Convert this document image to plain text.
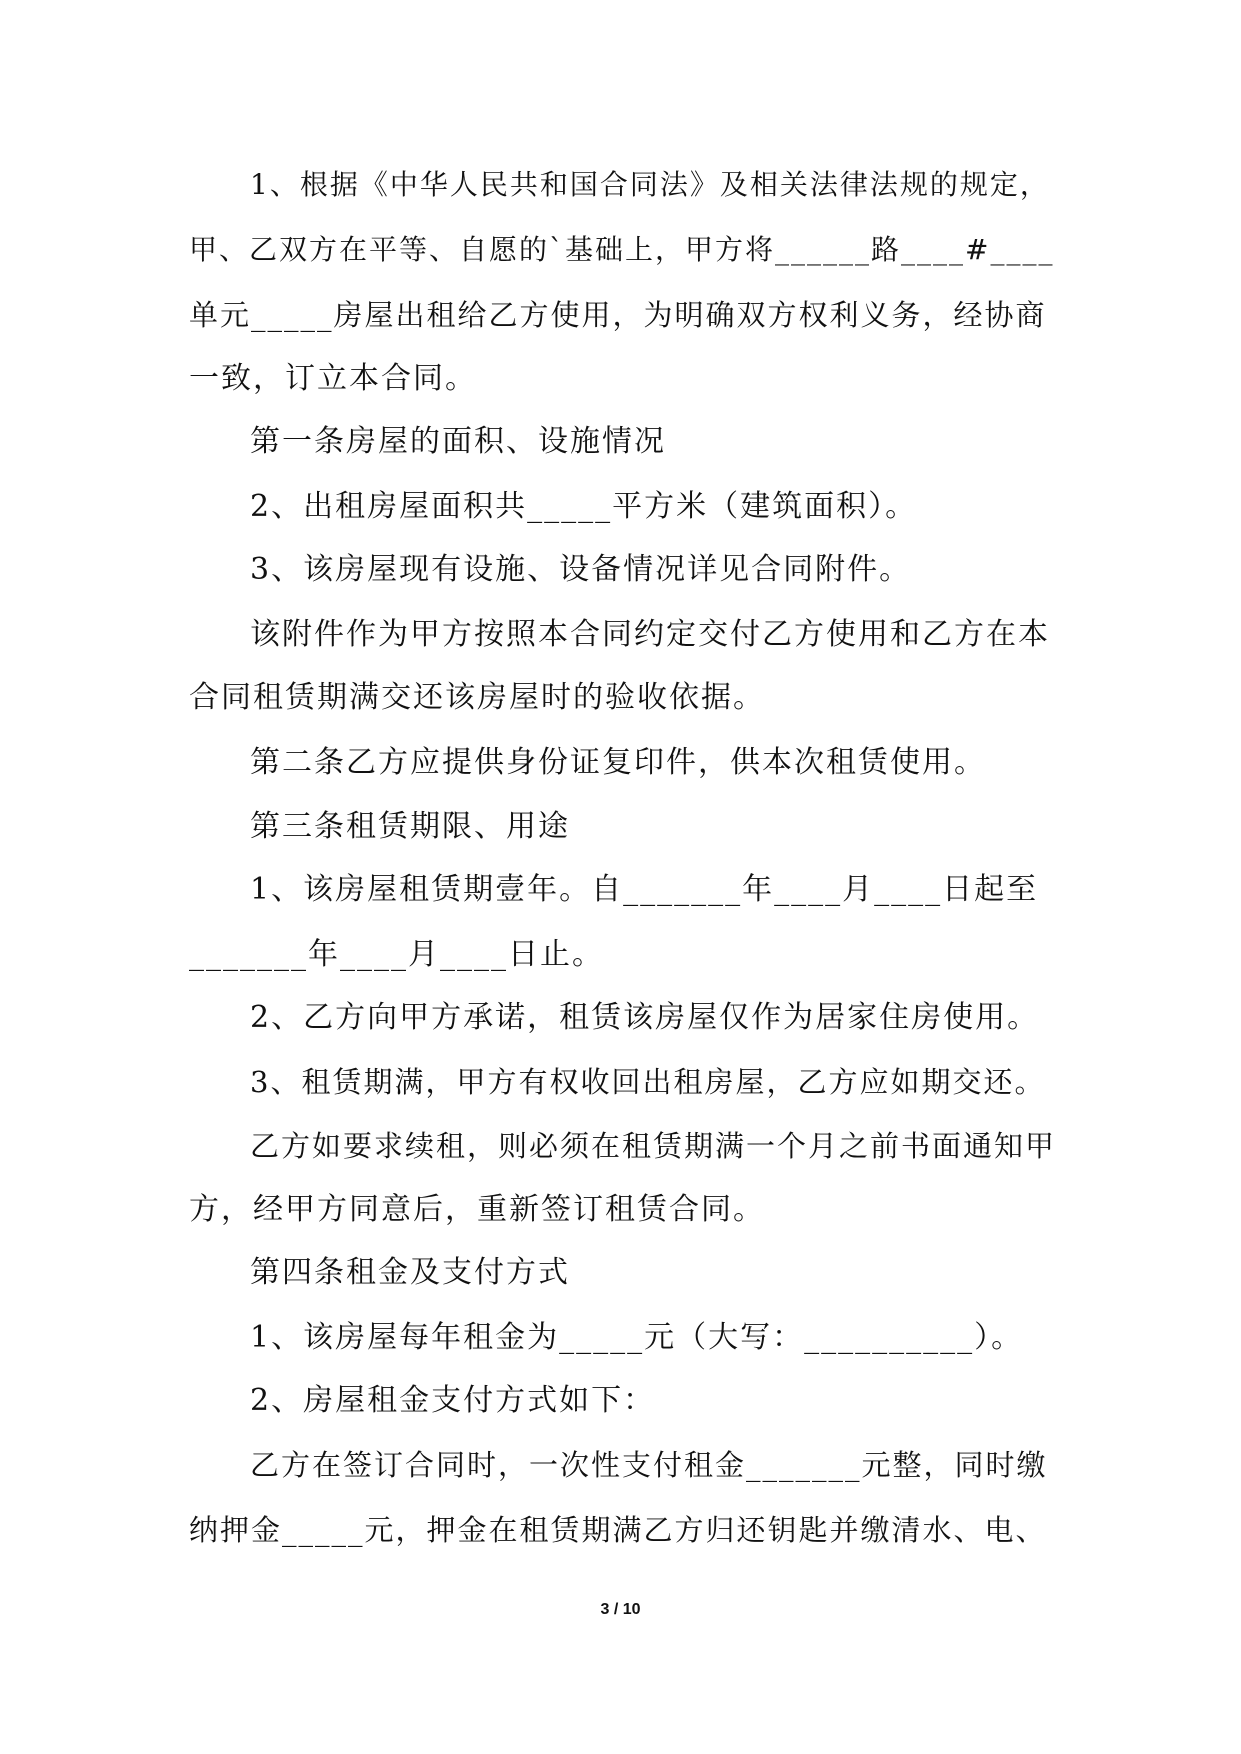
1、根据《中华人民共和国合同法》及相关法律法规的规定，
甲、乙双方在平等、自愿的`基础上，甲方将______路____#____
单元_____房屋出租给乙方使用，为明确双方权利义务，经协商
一致，订立本合同。
第一条房屋的面积、设施情况
2、出租房屋面积共_____平方米（建筑面积）。
3、该房屋现有设施、设备情况详见合同附件。
该附件作为甲方按照本合同约定交付乙方使用和乙方在本
合同租赁期满交还该房屋时的验收依据。
第二条乙方应提供身份证复印件，供本次租赁使用。
第三条租赁期限、用途
1、该房屋租赁期壹年。自_______年____月____日起至
_______年____月____日止。
2、乙方向甲方承诺，租赁该房屋仅作为居家住房使用。
3、租赁期满，甲方有权收回出租房屋，乙方应如期交还。
乙方如要求续租，则必须在租赁期满一个月之前书面通知甲
方，经甲方同意后，重新签订租赁合同。
第四条租金及支付方式
1、该房屋每年租金为_____元（大写：__________）。
2、房屋租金支付方式如下：
乙方在签订合同时，一次性支付租金_______元整，同时缴
纳押金_____元，押金在租赁期满乙方归还钥匙并缴清水、电、
3 / 10
